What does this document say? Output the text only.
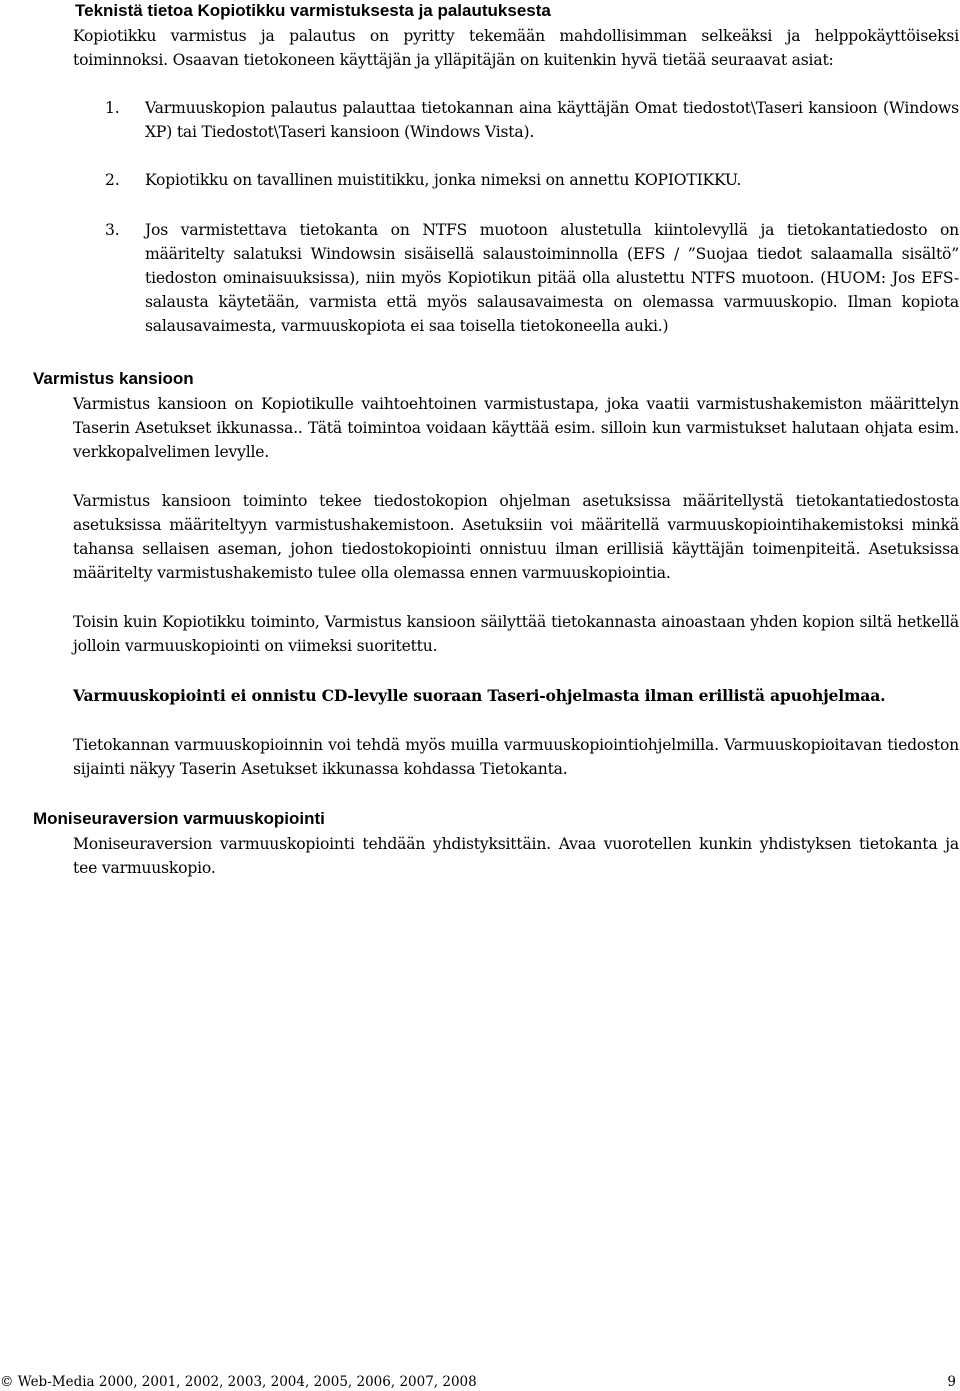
Teknistä tietoa Kopiotikku varmistuksesta ja palautuksesta
Kopiotikku varmistus ja palautus on pyritty tekemään mahdollisimman selkeäksi ja helppokäyttöiseksi toiminnoksi. Osaavan tietokoneen käyttäjän ja ylläpitäjän on kuitenkin hyvä tietää seuraavat asiat:
1. Varmuuskopion palautus palauttaa tietokannan aina käyttäjän Omat tiedostot\Taseri kansioon (Windows XP) tai Tiedostot\Taseri kansioon (Windows Vista).
2. Kopiotikku on tavallinen muistitikku, jonka nimeksi on annettu KOPIOTIKKU.
3. Jos varmistettava tietokanta on NTFS muotoon alustetulla kiintolevyllä ja tietokantatiedosto on määritelty salatuksi Windowsin sisäisellä salaustoiminnolla (EFS / ”Suojaa tiedot salaamalla sisältö” tiedoston ominaisuuksissa), niin myös Kopiotikun pitää olla alustettu NTFS muotoon. (HUOM: Jos EFS-salausta käytetään, varmista että myös salausavaimesta on olemassa varmuuskopio. Ilman kopiota salausavaimesta, varmuuskopiota ei saa toisella tietokoneella auki.)
Varmistus kansioon
Varmistus kansioon on Kopiotikulle vaihtoehtoinen varmistustapa, joka vaatii varmistushakemiston määrittelyn Taserin Asetukset ikkunassa.. Tätä toimintoa voidaan käyttää esim. silloin kun varmistukset halutaan ohjata esim. verkkopalvelimen levylle.
Varmistus kansioon toiminto tekee tiedostokopion ohjelman asetuksissa määritellystä tietokantatiedostosta asetuksissa määriteltyyn varmistushakemistoon. Asetuksiin voi määritellä varmuuskopiointihakemistoksi minkä tahansa sellaisen aseman, johon tiedostokopiointi onnistuu ilman erillisiä käyttäjän toimenpiteitä. Asetuksissa määritelty varmistushakemisto tulee olla olemassa ennen varmuuskopiointia.
Toisin kuin Kopiotikku toiminto, Varmistus kansioon säilyttää tietokannasta ainoastaan yhden kopion siltä hetkellä jolloin varmuuskopiointi on viimeksi suoritettu.
Varmuuskopiointi ei onnistu CD-levylle suoraan Taseri-ohjelmasta ilman erillistä apuohjelmaa.
Tietokannan varmuuskopioinnin voi tehdä myös muilla varmuuskopiointiohjelmilla. Varmuuskopioitavan tiedoston sijainti näkyy Taserin Asetukset ikkunassa kohdassa Tietokanta.
Moniseuraversion varmuuskopiointi
Moniseuraversion varmuuskopiointi tehdään yhdistyksittäin. Avaa vuorotellen kunkin yhdistyksen tietokanta ja tee varmuuskopio.
© Web-Media 2000, 2001, 2002, 2003, 2004, 2005, 2006, 2007, 2008	9
